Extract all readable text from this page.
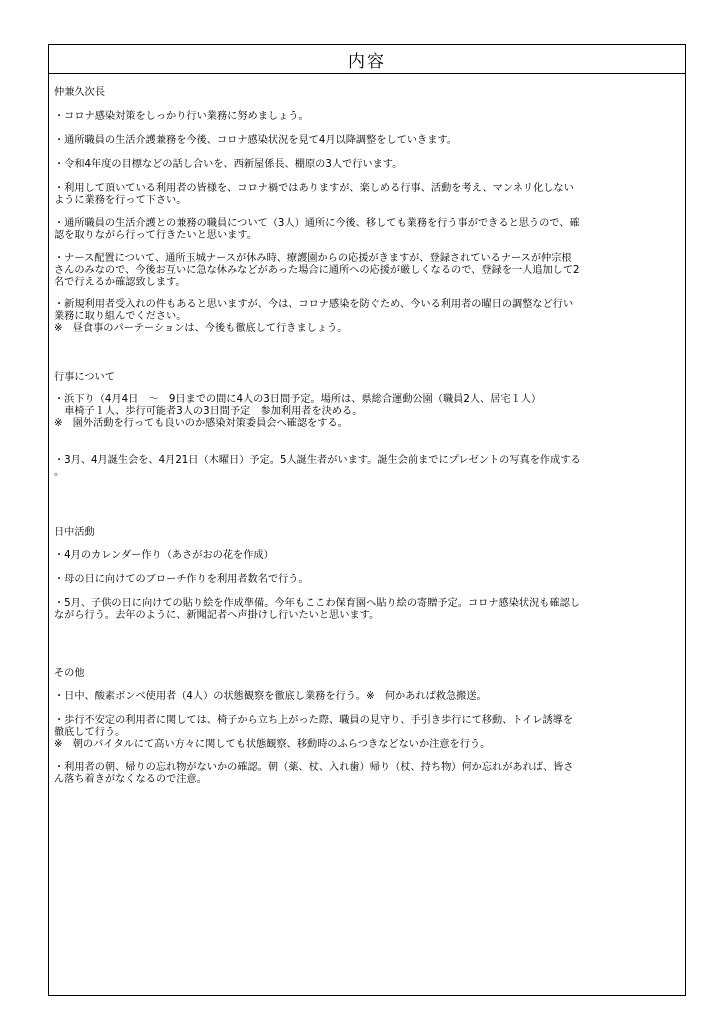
内容
仲兼久次長
・コロナ感染対策をしっかり行い業務に努めましょう。
・通所職員の生活介護兼務を今後、コロナ感染状況を見て4月以降調整をしていきます。
・令和4年度の目標などの話し合いを、西新屋係長、棚原の3人で行います。
・利用して頂いている利用者の皆様を、コロナ禍ではありますが、楽しめる行事、活動を考え、マンネリ化しない
ように業務を行って下さい。
・通所職員の生活介護との兼務の職員について（3人）通所に今後、移しても業務を行う事ができると思うので、確
認を取りながら行って行きたいと思います。
・ナース配置について、通所玉城ナースが休み時、療護園からの応援がきますが、登録されているナースが仲宗根
さんのみなので、今後お互いに急な休みなどがあった場合に通所への応援が厳しくなるので、登録を一人追加して2
名で行えるか確認致します。
・新規利用者受入れの件もあると思いますが、今は、コロナ感染を防ぐため、今いる利用者の曜日の調整など行い
業務に取り組んでください。
※　昼食事のパーテーションは、今後も徹底して行きましょう。
行事について
・浜下り（4月4日　～　9日までの間に4人の3日間予定。場所は、県総合運動公園（職員2人、居宅１人）
　車椅子１人、歩行可能者3人の3日間予定　参加利用者を決める。
※　園外活動を行っても良いのか感染対策委員会へ確認をする。
・3月、4月誕生会を、4月21日（木曜日）予定。5人誕生者がいます。誕生会前までにプレゼントの写真を作成する
。
日中活動
・4月のカレンダー作り（あさがおの花を作成）
・母の日に向けてのブローチ作りを利用者数名で行う。
・5月、子供の日に向けての貼り絵を作成準備。今年もここわ保育園へ貼り絵の寄贈予定。コロナ感染状況も確認し
ながら行う。去年のように、新聞記者へ声掛けし行いたいと思います。
その他
・日中、酸素ボンベ使用者（4人）の状態観察を徹底し業務を行う。※　何かあれば救急搬送。
・歩行不安定の利用者に関しては、椅子から立ち上がった際、職員の見守り、手引き歩行にて移動、トイレ誘導を
徹底して行う。
※　朝のバイタルにて高い方々に関しても状態観察、移動時のふらつきなどないか注意を行う。
・利用者の朝、帰りの忘れ物がないかの確認。朝（薬、杖、入れ歯）帰り（杖、持ち物）何か忘れがあれば、皆さ
ん落ち着きがなくなるので注意。
